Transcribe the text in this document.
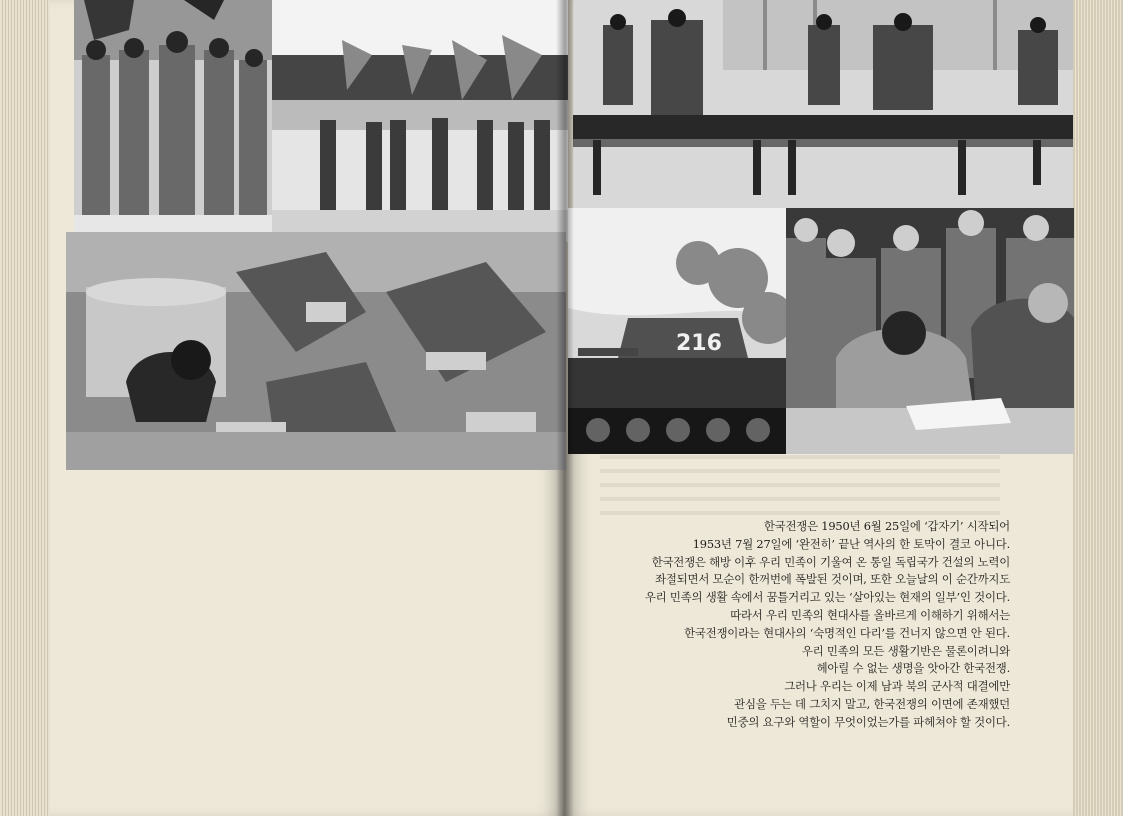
216

한국전쟁은 1950년 6월 25일에 ‘갑자기’ 시작되어

1953년 7월 27일에 ‘완전히’ 끝난 역사의 한 토막이 결코 아니다.

한국전쟁은 해방 이후 우리 민족이 기울여 온 통일 독립국가 건설의 노력이

좌절되면서 모순이 한꺼번에 폭발된 것이며, 또한 오늘날의 이 순간까지도

우리 민족의 생활 속에서 꿈틀거리고 있는 ‘살아있는 현재의 일부’인 것이다.

따라서 우리 민족의 현대사를 올바르게 이해하기 위해서는

한국전쟁이라는 현대사의 ‘숙명적인 다리’를 건너지 않으면 안 된다.

우리 민족의 모든 생활기반은 물론이려니와

헤아릴 수 없는 생명을 앗아간 한국전쟁.

그러나 우리는 이제 남과 북의 군사적 대결에만

관심을 두는 데 그치지 말고, 한국전쟁의 이면에 존재했던

민중의 요구와 역할이 무엇이었는가를 파헤쳐야 할 것이다.
